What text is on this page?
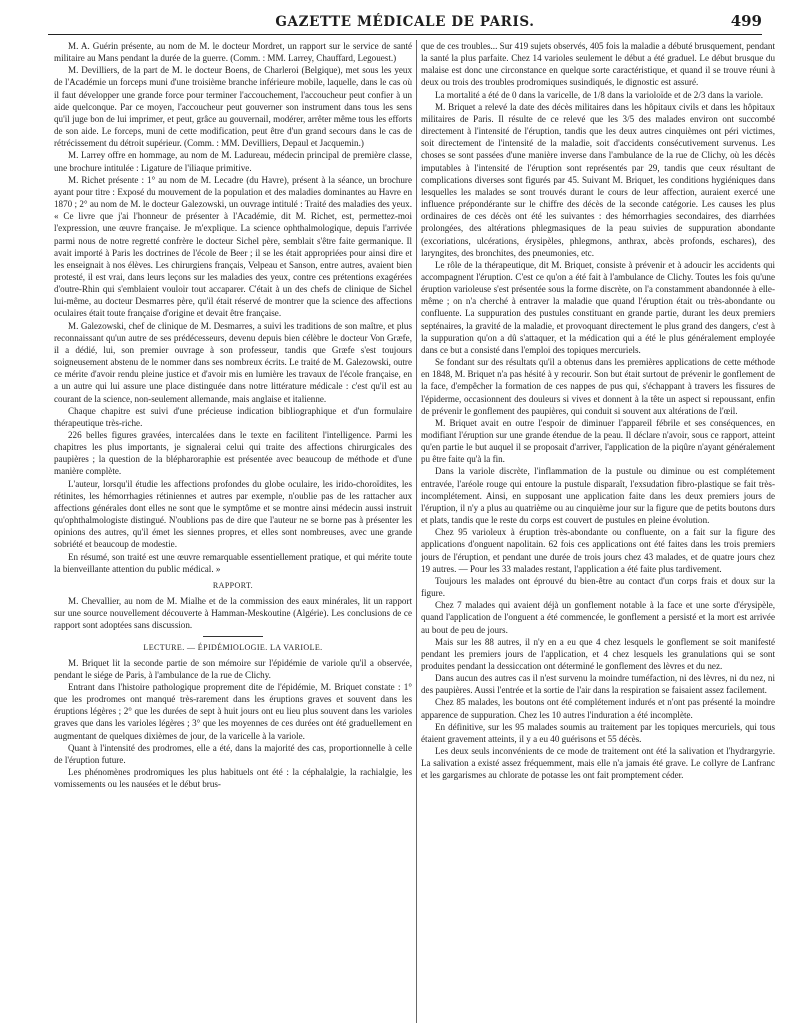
GAZETTE MÉDICALE DE PARIS.	499

M. A. Guérin présente, au nom de M. le docteur Mordret, un rapport sur le service de santé militaire au Mans pendant la durée de la guerre. (Comm. : MM. Larrey, Chauffard, Legouest.)

M. Devilliers, de la part de M. le docteur Boens, de Charleroi (Belgique), met sous les yeux de l'Académie un forceps muni d'une troisième branche inférieure mobile, laquelle, dans le cas où il faut développer une grande force pour terminer l'accouchement, l'accoucheur peut confier à un aide quelconque. Par ce moyen, l'accoucheur peut gouverner son instrument dans tous les sens qu'il juge bon de lui imprimer, et peut, grâce au gouvernail, modérer, arrêter même tous les efforts de son aide. Le forceps, muni de cette modification, peut être d'un grand secours dans le cas de rétrécissement du détroit supérieur. (Comm. : MM. Devilliers, Depaul et Jacquemin.)

M. Larrey offre en hommage, au nom de M. Ladureau, médecin principal de première classe, une brochure intitulée : Ligature de l'iliaque primitive.

M. Richet présente : 1° au nom de M. Lecadre (du Havre), présent à la séance, un brochure ayant pour titre : Exposé du mouvement de la population et des maladies dominantes au Havre en 1870 ; 2° au nom de M. le docteur Galezowski, un ouvrage intitulé : Traité des maladies des yeux. « Ce livre que j'ai l'honneur de présenter à l'Académie, dit M. Richet, est, permettez-moi l'expression, une œuvre française. Je m'explique. La science ophthalmologique, depuis l'arrivée parmi nous de notre regretté confrère le docteur Sichel père, semblait s'être faite germanique. Il avait importé à Paris les doctrines de l'école de Beer ; il se les était appropriées pour ainsi dire et les enseignait à nos élèves. Les chirurgiens français, Velpeau et Sanson, entre autres, avaient bien protesté, il est vrai, dans leurs leçons sur les maladies des yeux, contre ces prétentions exagérées d'outre-Rhin qui s'emblaient vouloir tout accaparer. C'était à un des chefs de clinique de Sichel lui-même, au docteur Desmarres père, qu'il était réservé de montrer que la science des affections oculaires était toute française d'origine et devait être française.

M. Galezowski, chef de clinique de M. Desmarres, a suivi les traditions de son maître, et plus reconnaissant qu'un autre de ses prédécesseurs, devenu depuis bien célèbre le docteur Von Græfe, il a dédié, lui, son premier ouvrage à son professeur, tandis que Græfe s'est toujours soigneusement abstenu de le nommer dans ses nombreux écrits. Le traité de M. Galezowski, outre ce mérite d'avoir rendu pleine justice et d'avoir mis en lumière les travaux de l'école française, en a un autre qui lui assure une place distinguée dans notre littérature médicale : c'est qu'il est au courant de la science, non-seulement allemande, mais anglaise et italienne.

Chaque chapitre est suivi d'une précieuse indication bibliographique et d'un formulaire thérapeutique très-riche.

226 belles figures gravées, intercalées dans le texte en facilitent l'intelligence. Parmi les chapitres les plus importants, je signalerai celui qui traite des affections chirurgicales des paupières ; la question de la blépharoraphie est présentée avec beaucoup de méthode et d'une manière complète.

L'auteur, lorsqu'il étudie les affections profondes du globe oculaire, les irido-choroïdites, les rétinites, les hémorrhagies rétiniennes et autres par exemple, n'oublie pas de les rattacher aux affections générales dont elles ne sont que le symptôme et se montre ainsi médecin aussi instruit qu'ophthalmologiste distingué. N'oublions pas de dire que l'auteur ne se borne pas à présenter les opinions des autres, qu'il émet les siennes propres, et elles sont nombreuses, avec une grande sobriété et beaucoup de modestie.

En résumé, son traité est une œuvre remarquable essentiellement pratique, et qui mérite toute la bienveillante attention du public médical. »

RAPPORT.

M. Chevallier, au nom de M. Mialhe et de la commission des eaux minérales, lit un rapport sur une source nouvellement découverte à Hamman-Meskoutine (Algérie). Les conclusions de ce rapport sont adoptées sans discussion.

LECTURE. — ÉPIDÉMIOLOGIE. LA VARIOLE.

M. Briquet lit la seconde partie de son mémoire sur l'épidémie de variole qu'il a observée, pendant le siége de Paris, à l'ambulance de la rue de Clichy.

Entrant dans l'histoire pathologique proprement dite de l'épidémie, M. Briquet constate : 1° que les prodromes ont manqué très-rarement dans les éruptions graves et souvent dans les éruptions légères ; 2° que les durées de sept à huit jours ont eu lieu plus souvent dans les varioles graves que dans les varioles légères ; 3° que les moyennes de ces durées ont été graduellement en augmentant de quelques dixièmes de jour, de la varicelle à la variole.

Quant à l'intensité des prodromes, elle a été, dans la majorité des cas, proportionnelle à celle de l'éruption future.

Les phénomènes prodromiques les plus habituels ont été : la céphalalgie, la rachialgie, les vomissements ou les nausées et le début brus-

que de ces troubles... Sur 419 sujets observés, 405 fois la maladie a débuté brusquement, pendant la santé la plus parfaite. Chez 14 varioles seulement le début a été graduel. Le début brusque du malaise est donc une circonstance en quelque sorte caractéristique, et quand il se trouve réuni à deux ou trois des troubles prodromiques susindiqués, le dignostic est assuré.

La mortalité a été de 0 dans la varicelle, de 1/8 dans la varioloïde et de 2/3 dans la variole.

M. Briquet a relevé la date des décès militaires dans les hôpitaux civils et dans les hôpitaux militaires de Paris. Il résulte de ce relevé que les 3/5 des malades environ ont succombé directement à l'intensité de l'éruption, tandis que les deux autres cinquièmes ont péri victimes, soit directement de l'intensité de la maladie, soit d'accidents consécutivement survenus. Les choses se sont passées d'une manière inverse dans l'ambulance de la rue de Clichy, où les décès imputables à l'intensité de l'éruption sont représentés par 29, tandis que ceux résultant de complications diverses sont figurés par 45. Suivant M. Briquet, les conditions hygiéniques dans lesquelles les malades se sont trouvés durant le cours de leur affection, auraient exercé une influence prépondérante sur le chiffre des décès de la seconde catégorie. Les causes les plus ordinaires de ces décès ont été les suivantes : des hémorrhagies secondaires, des diarrhées prolongées, des altérations phlegmasiques de la peau suivies de suppuration abondante (excoriations, ulcérations, érysipèles, phlegmons, anthrax, abcès profonds, eschares), des laryngites, des bronchites, des pneumonies, etc.

Le rôle de la thérapeutique, dit M. Briquet, consiste à prévenir et à adoucir les accidents qui accompagnent l'éruption. C'est ce qu'on a été fait à l'ambulance de Clichy. Toutes les fois qu'une éruption varioleuse s'est présentée sous la forme discrète, on l'a constamment abandonnée à elle-même ; on n'a cherché à entraver la maladie que quand l'éruption était ou très-abondante ou confluente. La suppuration des pustules constituant en grande partie, durant les deux premiers septénaires, la gravité de la maladie, et provoquant directement le plus grand des dangers, c'est à la suppuration qu'on a dû s'attaquer, et la médication qui a été le plus généralement employée dans ce but a consisté dans l'emploi des topiques mercuriels.

Se fondant sur des résultats qu'il a obtenus dans les premières applications de cette méthode en 1848, M. Briquet n'a pas hésité à y recourir. Son but était surtout de prévenir le gonflement de la face, d'empêcher la formation de ces nappes de pus qui, s'échappant à travers les fissures de l'épiderme, occasionnent des douleurs si vives et donnent à la tête un aspect si repoussant, enfin de prévenir le gonflement des paupières, qui conduit si souvent aux altérations de l'œil.

M. Briquet avait en outre l'espoir de diminuer l'appareil fébrile et ses conséquences, en modifiant l'éruption sur une grande étendue de la peau. Il déclare n'avoir, sous ce rapport, atteint qu'en partie le but auquel il se proposait d'arriver, l'application de la piqûre n'ayant généralement pu être faite qu'à la fin.

Dans la variole discrète, l'inflammation de la pustule ou diminue ou est complétement entravée, l'aréole rouge qui entoure la pustule disparaît, l'exsudation fibro-plastique se fait très-incomplétement. Ainsi, en supposant une application faite dans les deux premiers jours de l'éruption, il n'y a plus au quatrième ou au cinquième jour sur la figure que de petits boutons durs et plats, tandis que le reste du corps est couvert de pustules en pleine évolution.

Chez 95 varioleux à éruption très-abondante ou confluente, on a fait sur la figure des applications d'onguent napolitain. 62 fois ces applications ont été faites dans les trois premiers jours de l'éruption, et pendant une durée de trois jours chez 43 malades, et de quatre jours chez 19 autres. — Pour les 33 malades restant, l'application a été faite plus tardivement.

Toujours les malades ont éprouvé du bien-être au contact d'un corps frais et doux sur la figure.

Chez 7 malades qui avaient déjà un gonflement notable à la face et une sorte d'érysipèle, quand l'application de l'onguent a été commencée, le gonflement a persisté et la mort est arrivée au bout de peu de jours.

Mais sur les 88 autres, il n'y en a eu que 4 chez lesquels le gonflement se soit manifesté pendant les premiers jours de l'application, et 4 chez lesquels les granulations qui se sont produites pendant la dessiccation ont déterminé le gonflement des lèvres et du nez.

Dans aucun des autres cas il n'est survenu la moindre tuméfaction, ni des lèvres, ni du nez, ni des paupières. Aussi l'entrée et la sortie de l'air dans la respiration se faisaient assez facilement.

Chez 85 malades, les boutons ont été complétement indurés et n'ont pas présenté la moindre apparence de suppuration. Chez les 10 autres l'induration a été incomplète.

En définitive, sur les 95 malades soumis au traitement par les topiques mercuriels, qui tous étaient gravement atteints, il y a eu 40 guérisons et 55 décès.

Les deux seuls inconvénients de ce mode de traitement ont été la salivation et l'hydrargyrie. La salivation a existé assez fréquemment, mais elle n'a jamais été grave. Le collyre de Lanfranc et les gargarismes au chlorate de potasse les ont fait promptement céder.
